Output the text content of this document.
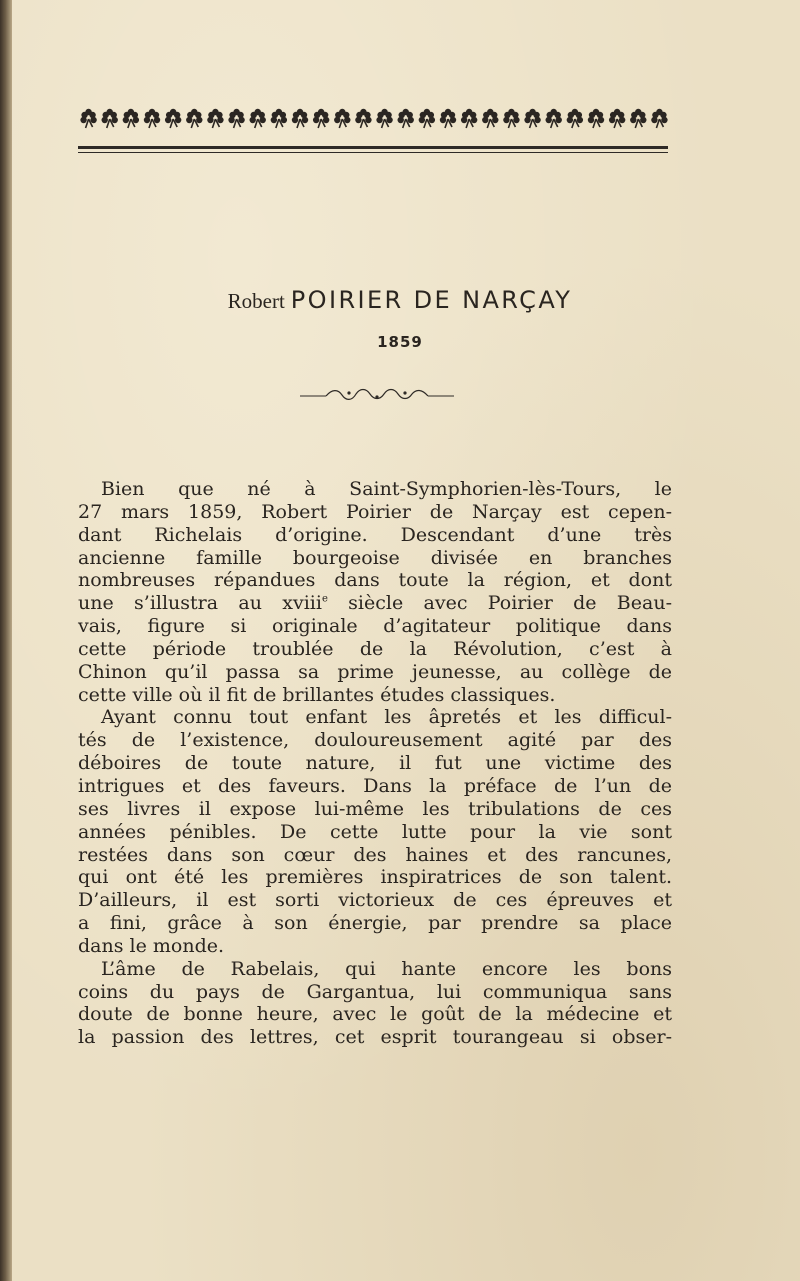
Robert POIRIER DE NARÇAY
1859
Bien que né à Saint-Symphorien-lès-Tours, le
27 mars 1859, Robert Poirier de Narçay est cepen-
dant Richelais d’origine. Descendant d’une très
ancienne famille bourgeoise divisée en branches
nombreuses répandues dans toute la région, et dont
une s’illustra au xviii$^e$ siècle avec Poirier de Beau-
vais, figure si originale d’agitateur politique dans
cette période troublée de la Révolution, c’est à
Chinon qu’il passa sa prime jeunesse, au collège de
cette ville où il fit de brillantes études classiques.
Ayant connu tout enfant les âpretés et les difficul-
tés de l’existence, douloureusement agité par des
déboires de toute nature, il fut une victime des
intrigues et des faveurs. Dans la préface de l’un de
ses livres il expose lui-même les tribulations de ces
années pénibles. De cette lutte pour la vie sont
restées dans son cœur des haines et des rancunes,
qui ont été les premières inspiratrices de son talent.
D’ailleurs, il est sorti victorieux de ces épreuves et
a fini, grâce à son énergie, par prendre sa place
dans le monde.
L’âme de Rabelais, qui hante encore les bons
coins du pays de Gargantua, lui communiqua sans
doute de bonne heure, avec le goût de la médecine et
la passion des lettres, cet esprit tourangeau si obser-
